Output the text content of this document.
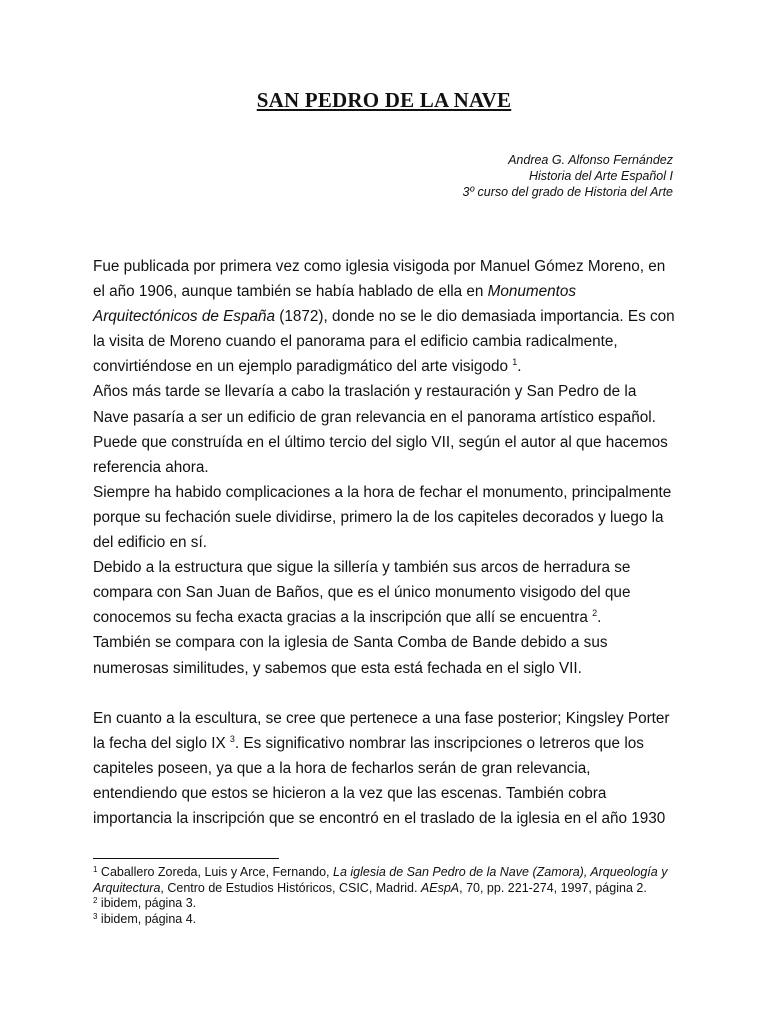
SAN PEDRO DE LA NAVE
Andrea G. Alfonso Fernández
Historia del Arte Español I
3º curso del grado de Historia del Arte

Fue publicada por primera vez como iglesia visigoda por Manuel Gómez Moreno, en el año 1906, aunque también se había hablado de ella en Monumentos Arquitectónicos de España (1872), donde no se le dio demasiada importancia. Es con la visita de Moreno cuando el panorama para el edificio cambia radicalmente, convirtiéndose en un ejemplo paradigmático del arte visigodo $^1$.

Años más tarde se llevaría a cabo la traslación y restauración y San Pedro de la Nave pasaría a ser un edificio de gran relevancia en el panorama artístico español. Puede que construída en el último tercio del siglo VII, según el autor al que hacemos referencia ahora.

Siempre ha habido complicaciones a la hora de fechar el monumento, principalmente porque su fechación suele dividirse, primero la de los capiteles decorados y luego la del edificio en sí.

Debido a la estructura que sigue la sillería y también sus arcos de herradura se compara con San Juan de Baños, que es el único monumento visigodo del que conocemos su fecha exacta gracias a la inscripción que allí se encuentra $^2$.

También se compara con la iglesia de Santa Comba de Bande debido a sus numerosas similitudes, y sabemos que esta está fechada en el siglo VII.

En cuanto a la escultura, se cree que pertenece a una fase posterior; Kingsley Porter la fecha del siglo IX $^3$. Es significativo nombrar las inscripciones o letreros que los capiteles poseen, ya que a la hora de fecharlos serán de gran relevancia, entendiendo que estos se hicieron a la vez que las escenas. También cobra importancia la inscripción que se encontró en el traslado de la iglesia en el año 1930

$^1$ Caballero Zoreda, Luis y Arce, Fernando, La iglesia de San Pedro de la Nave (Zamora), Arqueología y Arquitectura, Centro de Estudios Históricos, CSIC, Madrid. AEspA, 70, pp. 221-274, 1997, página 2.

$^2$ ibidem, página 3.

$^3$ ibidem, página 4.
